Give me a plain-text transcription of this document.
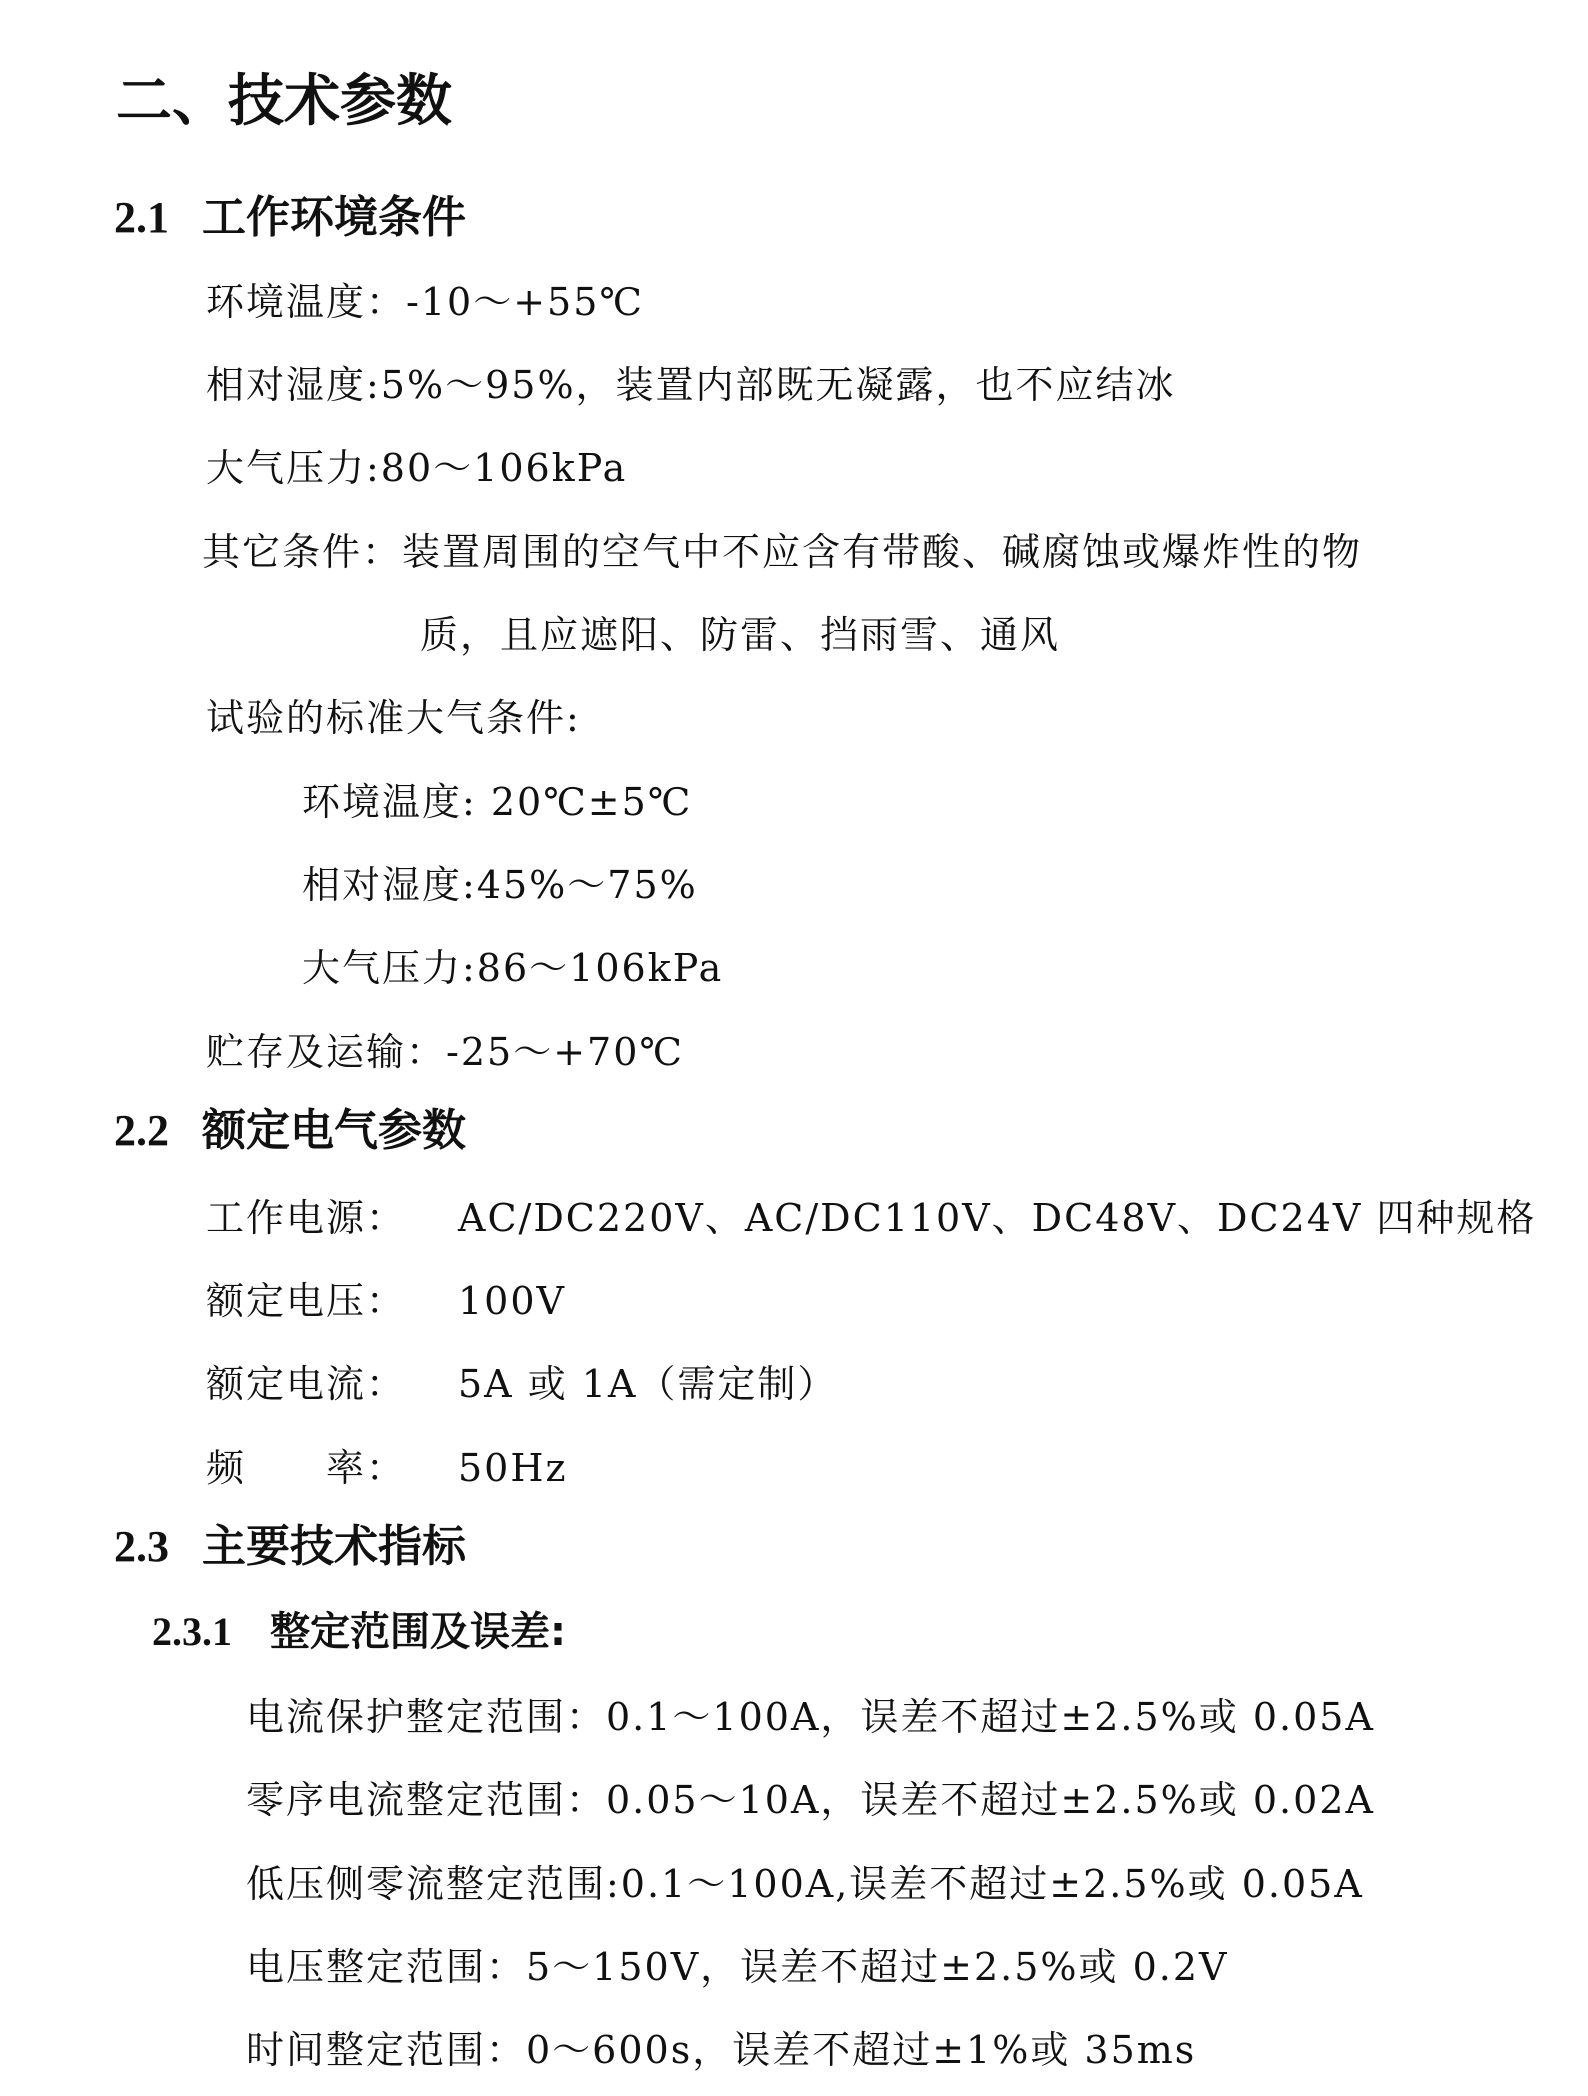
二、技术参数
2.1 工作环境条件
环境温度：-10～+55℃
相对湿度:5%～95%，装置内部既无凝露，也不应结冰
大气压力:80～106kPa
其它条件：装置周围的空气中不应含有带酸、碱腐蚀或爆炸性的物
质，且应遮阳、防雷、挡雨雪、通风
试验的标准大气条件:
环境温度: 20℃±5℃
相对湿度:45%～75%
大气压力:86～106kPa
贮存及运输：-25～+70℃
2.2 额定电气参数
工作电源： AC/DC220V、AC/DC110V、DC48V、DC24V 四种规格
额定电压： 100V
额定电流： 5A 或 1A（需定制）
频　　率： 50Hz
2.3 主要技术指标
2.3.1 整定范围及误差:
电流保护整定范围：0.1～100A，误差不超过±2.5%或 0.05A
零序电流整定范围：0.05～10A，误差不超过±2.5%或 0.02A
低压侧零流整定范围:0.1～100A,误差不超过±2.5%或 0.05A
电压整定范围：5～150V，误差不超过±2.5%或 0.2V
时间整定范围：0～600s，误差不超过±1%或 35ms
